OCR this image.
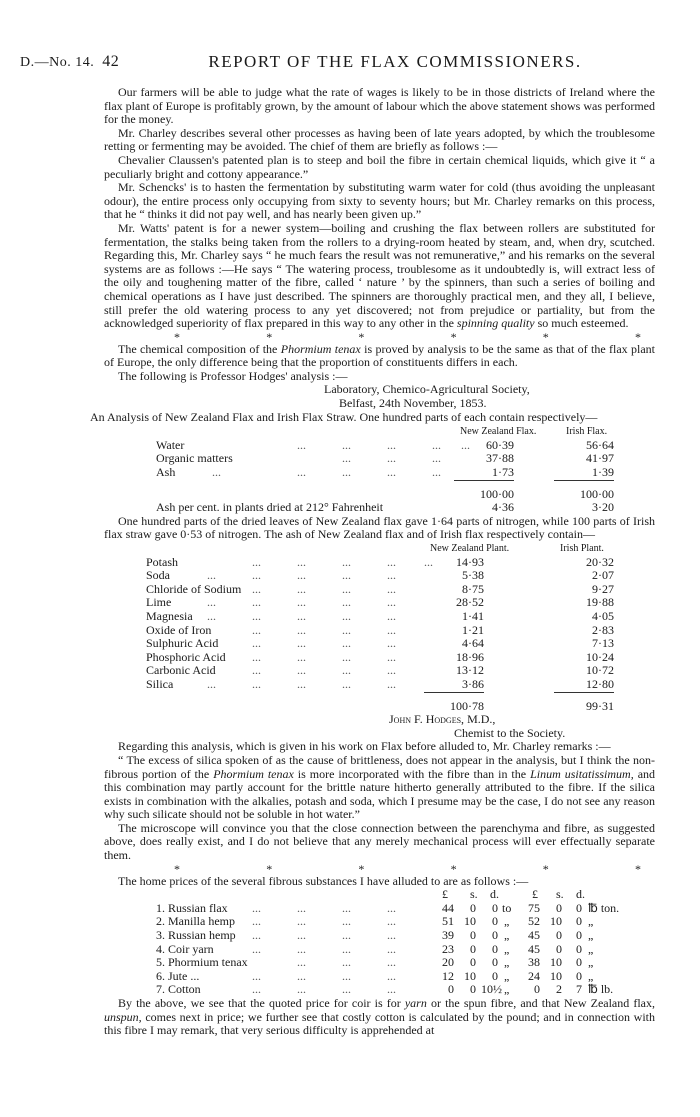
D.—No. 14. 42	REPORT OF THE FLAX COMMISSIONERS.

Our farmers will be able to judge what the rate of wages is likely to be in those districts of Ireland where the flax plant of Europe is profitably grown, by the amount of labour which the above statement shows was performed for the money.

Mr. Charley describes several other processes as having been of late years adopted, by which the troublesome retting or fermenting may be avoided. The chief of them are briefly as follows :—

Chevalier Claussen's patented plan is to steep and boil the fibre in certain chemical liquids, which give it “ a peculiarly bright and cottony appearance.”

Mr. Schencks' is to hasten the fermentation by substituting warm water for cold (thus avoiding the unpleasant odour), the entire process only occupying from sixty to seventy hours; but Mr. Charley remarks on this process, that he “ thinks it did not pay well, and has nearly been given up.”

Mr. Watts' patent is for a newer system—boiling and crushing the flax between rollers are substituted for fermentation, the stalks being taken from the rollers to a drying-room heated by steam, and, when dry, scutched. Regarding this, Mr. Charley says “ he much fears the result was not remunerative,” and his remarks on the several systems are as follows :—He says “ The watering process, troublesome as it undoubtedly is, will extract less of the oily and toughening matter of the fibre, called ‘ nature ’ by the spinners, than such a series of boiling and chemical operations as I have just described. The spinners are thoroughly practical men, and they all, I believe, still prefer the old watering process to any yet discovered; not from prejudice or partiality, but from the acknowledged superiority of flax prepared in this way to any other in the spinning quality so much esteemed.

*	*	*	*	*	*

The chemical composition of the Phormium tenax is proved by analysis to be the same as that of the flax plant of Europe, the only difference being that the proportion of constituents differs in each.

The following is Professor Hodges' analysis :—

Laboratory, Chemico-Agricultural Society,

Belfast, 24th November, 1853.

An Analysis of New Zealand Flax and Irish Flax Straw. One hundred parts of each contain respectively—

New Zealand Flax.	Irish Flax.
Water	...	...	...	... ...	60·39	56·64
Organic matters	...	...	...	37·88	41·97
Ash	...	...	...	...	...	1·73	1·39
100·00	100·00
Ash per cent. in plants dried at 212° Fahrenheit	4·36	3·20

One hundred parts of the dried leaves of New Zealand flax gave 1·64 parts of nitrogen, while 100 parts of Irish flax straw gave 0·53 of nitrogen. The ash of New Zealand flax and of Irish flax respectively contain—

New Zealand Plant.	Irish Plant.
Potash	...	...	...	... ...	14·93	20·32
Soda	...	...	...	...	...	5·38	2·07
Chloride of Sodium ...	...	...	...	8·75	9·27
Lime	...	...	...	...	...	28·52	19·88
Magnesia ...	...	...	...	...	1·41	4·05
Oxide of Iron	...	...	...	...	1·21	2·83
Sulphuric Acid	...	...	...	...	4·64	7·13
Phosphoric Acid ...	...	...	...	18·96	10·24
Carbonic Acid	...	...	...	...	13·12	10·72
Silica	...	...	...	...	...	3·86	12·80
100·78	99·31

John F. Hodges, M.D.,

Chemist to the Society.

Regarding this analysis, which is given in his work on Flax before alluded to, Mr. Charley remarks :—

“ The excess of silica spoken of as the cause of brittleness, does not appear in the analysis, but I think the non-fibrous portion of the Phormium tenax is more incorporated with the fibre than in the Linum usitatissimum, and this combination may partly account for the brittle nature hitherto generally attributed to the fibre. If the silica exists in combination with the alkalies, potash and soda, which I presume may be the case, I do not see any reason why such silicate should not be soluble in hot water.”

The microscope will convince you that the close connection between the parenchyma and fibre, as suggested above, does really exist, and I do not believe that any merely mechanical process will ever effectually separate them.

*	*	*	*	*	*

The home prices of the several fibrous substances I have alluded to are as follows :—

£ s. d.	£ s. d.
1. Russian flax ...	...	...	...	44	0	0 to	75	0	0 ℔ ton.
2. Manilla hemp ...	...	...	...	51 10	0 „	52 10	0 „
3. Russian hemp ...	...	...	...	39	0	0 „	45	0	0 „
4. Coir yarn	...	...	...	...	23	0	0 „	45	0	0 „
5. Phormium tenax	...	...	...	20	0	0 „	38 10	0 „
6. Jute ...	...	...	...	...	12 10	0 „	24 10	0 „
7. Cotton	...	...	...	...	0	0 10½ „	0	2	7 ℔ lb.

By the above, we see that the quoted price for coir is for yarn or the spun fibre, and that New Zealand flax, unspun, comes next in price; we further see that costly cotton is calculated by the pound; and in connection with this fibre I may remark, that very serious difficulty is apprehended at
